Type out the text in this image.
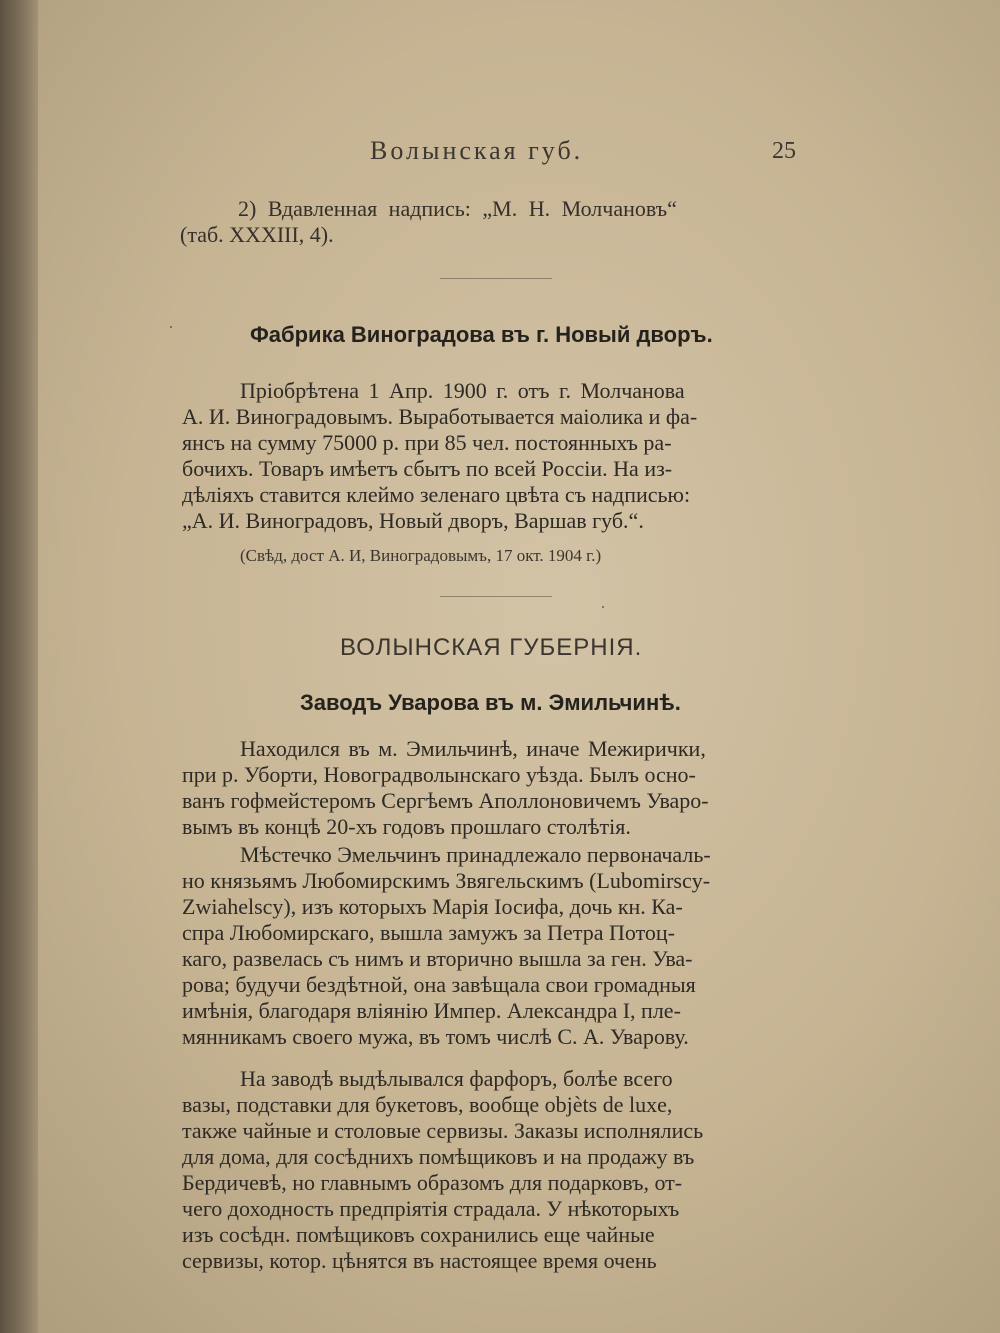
Волынская губ.	25
2) Вдавленная надпись: „М. Н. Молчановъ“
(таб. XXXIII, 4).
Фабрика Виноградова въ г. Новый дворъ.
Пріобрѣтена 1 Апр. 1900 г. отъ г. Молчанова
А. И. Виноградовымъ. Выработывается маіолика и фа-
янсъ на сумму 75000 р. при 85 чел. постоянныхъ ра-
бочихъ. Товаръ имѣетъ сбытъ по всей Россіи. На из-
дѣліяхъ ставится клеймо зеленаго цвѣта съ надписью:
„А. И. Виноградовъ, Новый дворъ, Варшав губ.“.
(Свѣд, дост А. И, Виноградовымъ, 17 окт. 1904 г.)
ВОЛЫНСКАЯ ГУБЕРНІЯ.
Заводъ Уварова въ м. Эмильчинѣ.
Находился въ м. Эмильчинѣ, иначе Межирички,
при р. Уборти, Новоградволынскаго уѣзда. Былъ осно-
ванъ гофмейстеромъ Сергѣемъ Аполлоновичемъ Уваро-
вымъ въ концѣ 20-хъ годовъ прошлаго столѣтія.
Мѣстечко Эмельчинъ принадлежало первоначаль-
но князьямъ Любомирскимъ Звягельскимъ (Lubomirscy-
Zwiahelscy), изъ которыхъ Марія Іосифа, дочь кн. Ка-
спра Любомирскаго, вышла замужъ за Петра Потоц-
каго, развелась съ нимъ и вторично вышла за ген. Ува-
рова; будучи бездѣтной, она завѣщала свои громадныя
имѣнія, благодаря вліянію Импер. Александра I, пле-
мянникамъ своего мужа, въ томъ числѣ С. А. Уварову.
На заводѣ выдѣлывался фарфоръ, болѣе всего
вазы, подставки для букетовъ, вообще objèts de luxe,
также чайные и столовые сервизы. Заказы исполнялись
для дома, для сосѣднихъ помѣщиковъ и на продажу въ
Бердичевѣ, но главнымъ образомъ для подарковъ, от-
чего доходность предпріятія страдала. У нѣкоторыхъ
изъ сосѣдн. помѣщиковъ сохранились еще чайные
сервизы, котор. цѣнятся въ настоящее время очень
